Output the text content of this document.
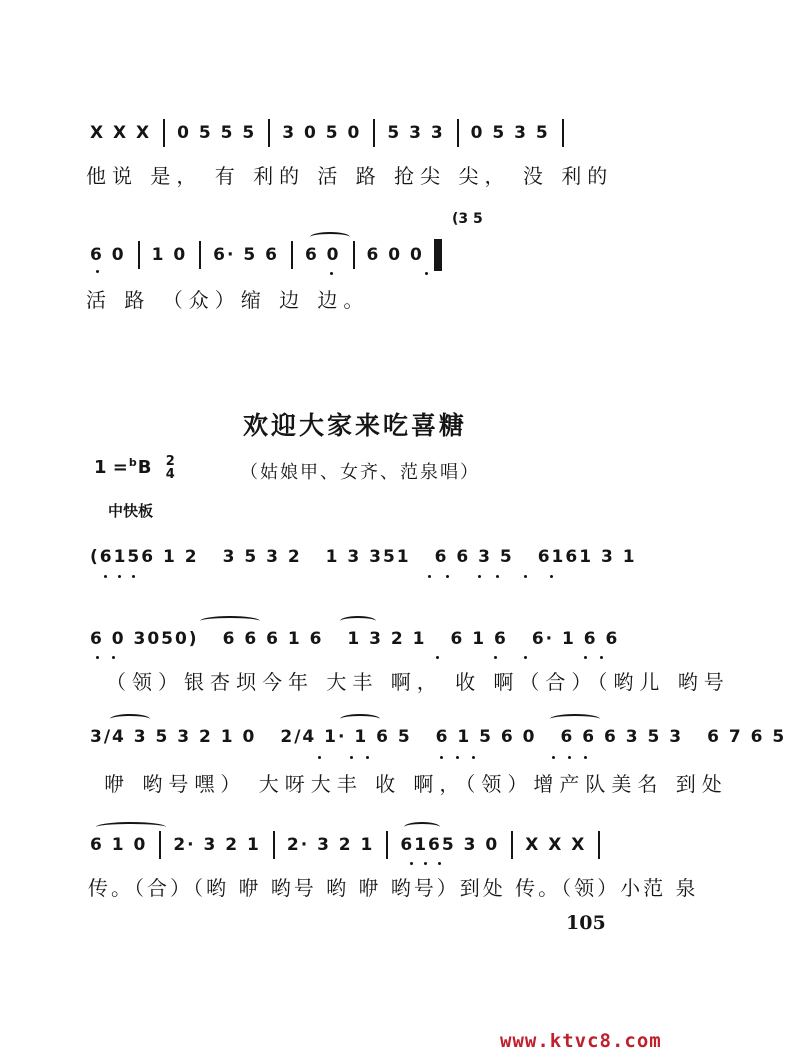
X X X 0 5 5 5 3 0 5 0 5 3 3 0 5 3 5
他说 是， 有 利的 活 路 抢尖 尖， 没 利的
(3 5
6 0 1 0 6· 5 6 6 0 6 0 0
活 路 （众）缩 边 边。
欢迎大家来吃喜糖
1 =$^b$B 2
4	（姑娘甲、女齐、范泉唱）
中快板
(6156 1 2 3 5 3 2 1 3 351 6 6 3 5 6161 3 1
6 0 3050) 6 6 6 1 6 1 3 2 1 6 1 6 6· 1 6 6
（领）银杏坝今年 大丰 啊， 收 啊（合）（哟儿 哟号
3/4 3 5 3 2 1 0 2/4 1· 1 6 5 6 1 5 6 0 6 6 6 3 5 3 6 7 6 5
咿 哟号嘿） 大呀大丰 收 啊，（领）增产队美名 到处
6 1 0 2· 3 2 1 2· 3 2 1 6165 3 0 X X X
传。（合）（哟 咿 哟号 哟 咿 哟号）到处 传。（领）小范 泉
105
www.ktvc8.com
